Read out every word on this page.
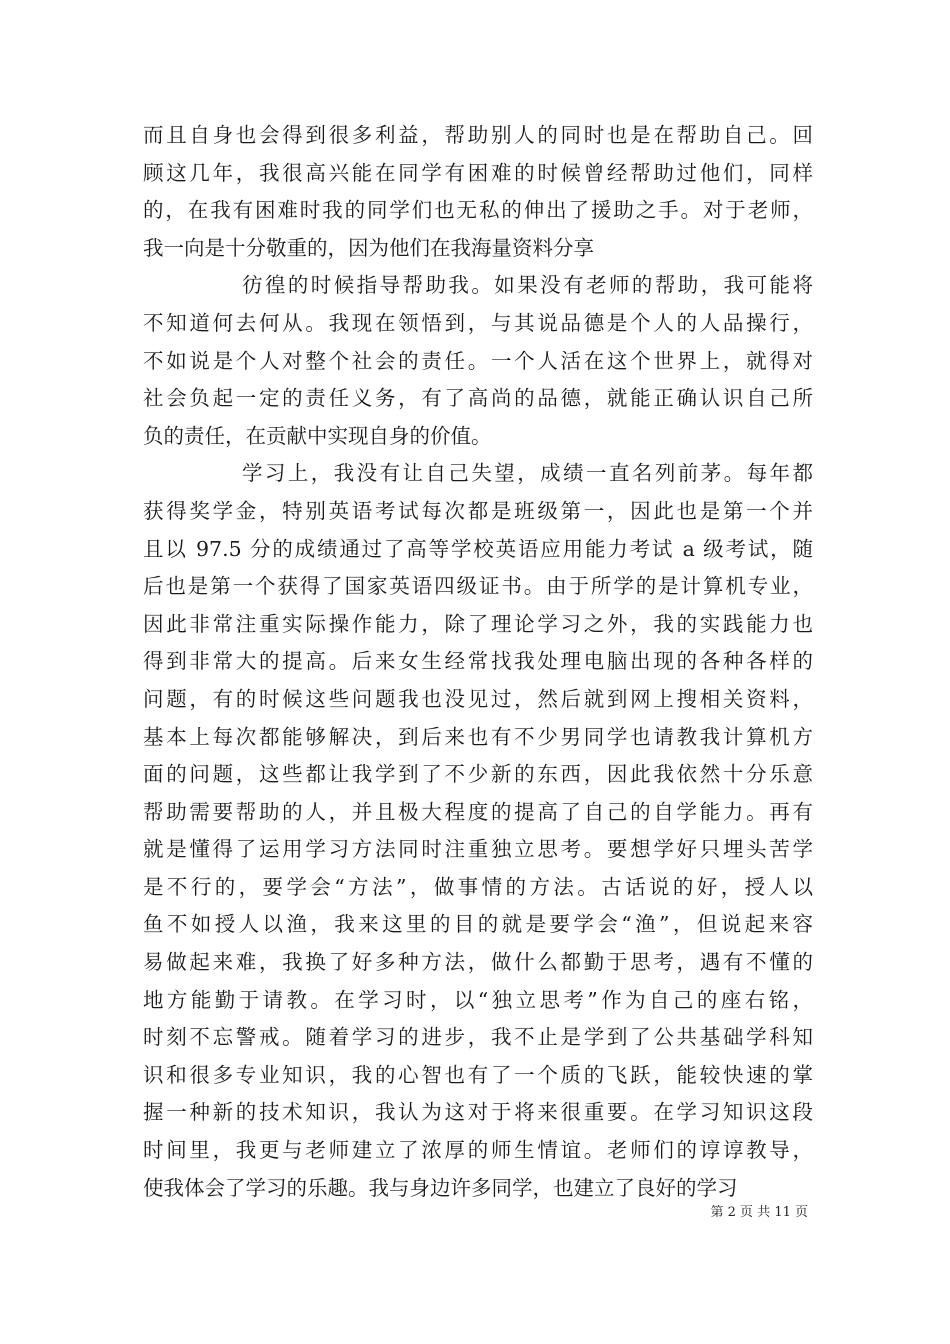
而且自身也会得到很多利益，帮助别人的同时也是在帮助自己。回
顾这几年，我很高兴能在同学有困难的时候曾经帮助过他们，同样
的，在我有困难时我的同学们也无私的伸出了援助之手。对于老师，
我一向是十分敬重的，因为他们在我海量资料分享
彷徨的时候指导帮助我。如果没有老师的帮助，我可能将
不知道何去何从。我现在领悟到，与其说品德是个人的人品操行，
不如说是个人对整个社会的责任。一个人活在这个世界上，就得对
社会负起一定的责任义务，有了高尚的品德，就能正确认识自己所
负的责任，在贡献中实现自身的价值。
学习上，我没有让自己失望，成绩一直名列前茅。每年都
获得奖学金，特别英语考试每次都是班级第一，因此也是第一个并
且以 97.5 分的成绩通过了高等学校英语应用能力考试 a 级考试，随
后也是第一个获得了国家英语四级证书。由于所学的是计算机专业，
因此非常注重实际操作能力，除了理论学习之外，我的实践能力也
得到非常大的提高。后来女生经常找我处理电脑出现的各种各样的
问题，有的时候这些问题我也没见过，然后就到网上搜相关资料，
基本上每次都能够解决，到后来也有不少男同学也请教我计算机方
面的问题，这些都让我学到了不少新的东西，因此我依然十分乐意
帮助需要帮助的人，并且极大程度的提高了自己的自学能力。再有
就是懂得了运用学习方法同时注重独立思考。要想学好只埋头苦学
是不行的，要学会“方法”，做事情的方法。古话说的好，授人以
鱼不如授人以渔，我来这里的目的就是要学会“渔”，但说起来容
易做起来难，我换了好多种方法，做什么都勤于思考，遇有不懂的
地方能勤于请教。在学习时，以“独立思考”作为自己的座右铭，
时刻不忘警戒。随着学习的进步，我不止是学到了公共基础学科知
识和很多专业知识，我的心智也有了一个质的飞跃，能较快速的掌
握一种新的技术知识，我认为这对于将来很重要。在学习知识这段
时间里，我更与老师建立了浓厚的师生情谊。老师们的谆谆教导，
使我体会了学习的乐趣。我与身边许多同学，也建立了良好的学习
第 2 页 共 11 页
